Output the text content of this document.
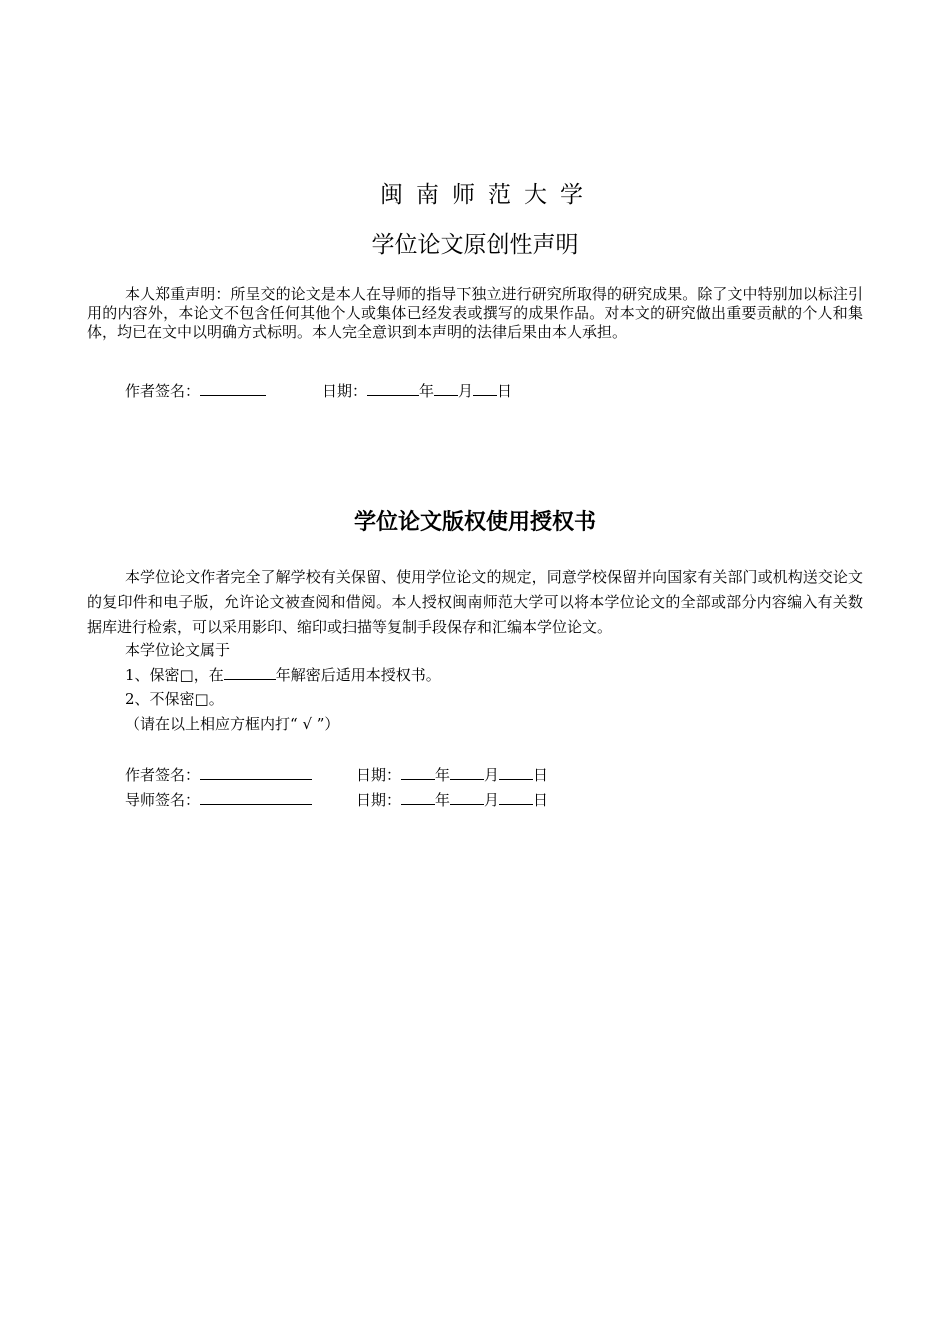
闽南师范大学
学位论文原创性声明
本人郑重声明：所呈交的论文是本人在导师的指导下独立进行研究所取得的研究成果。除了文中特别加以标注引用的内容外，本论文不包含任何其他个人或集体已经发表或撰写的成果作品。对本文的研究做出重要贡献的个人和集体，均已在文中以明确方式标明。本人完全意识到本声明的法律后果由本人承担。
作者签名：	日期：	年 月 日
学位论文版权使用授权书
本学位论文作者完全了解学校有关保留、使用学位论文的规定，同意学校保留并向国家有关部门或机构送交论文的复印件和电子版，允许论文被查阅和借阅。本人授权闽南师范大学可以将本学位论文的全部或部分内容编入有关数据库进行检索，可以采用影印、缩印或扫描等复制手段保存和汇编本学位论文。
本学位论文属于
1、保密□，在	年解密后适用本授权书。
2、不保密□。
（请在以上相应方框内打“ √ ”）
作者签名：	日期： 年 月 日
导师签名：	日期： 年 月 日
